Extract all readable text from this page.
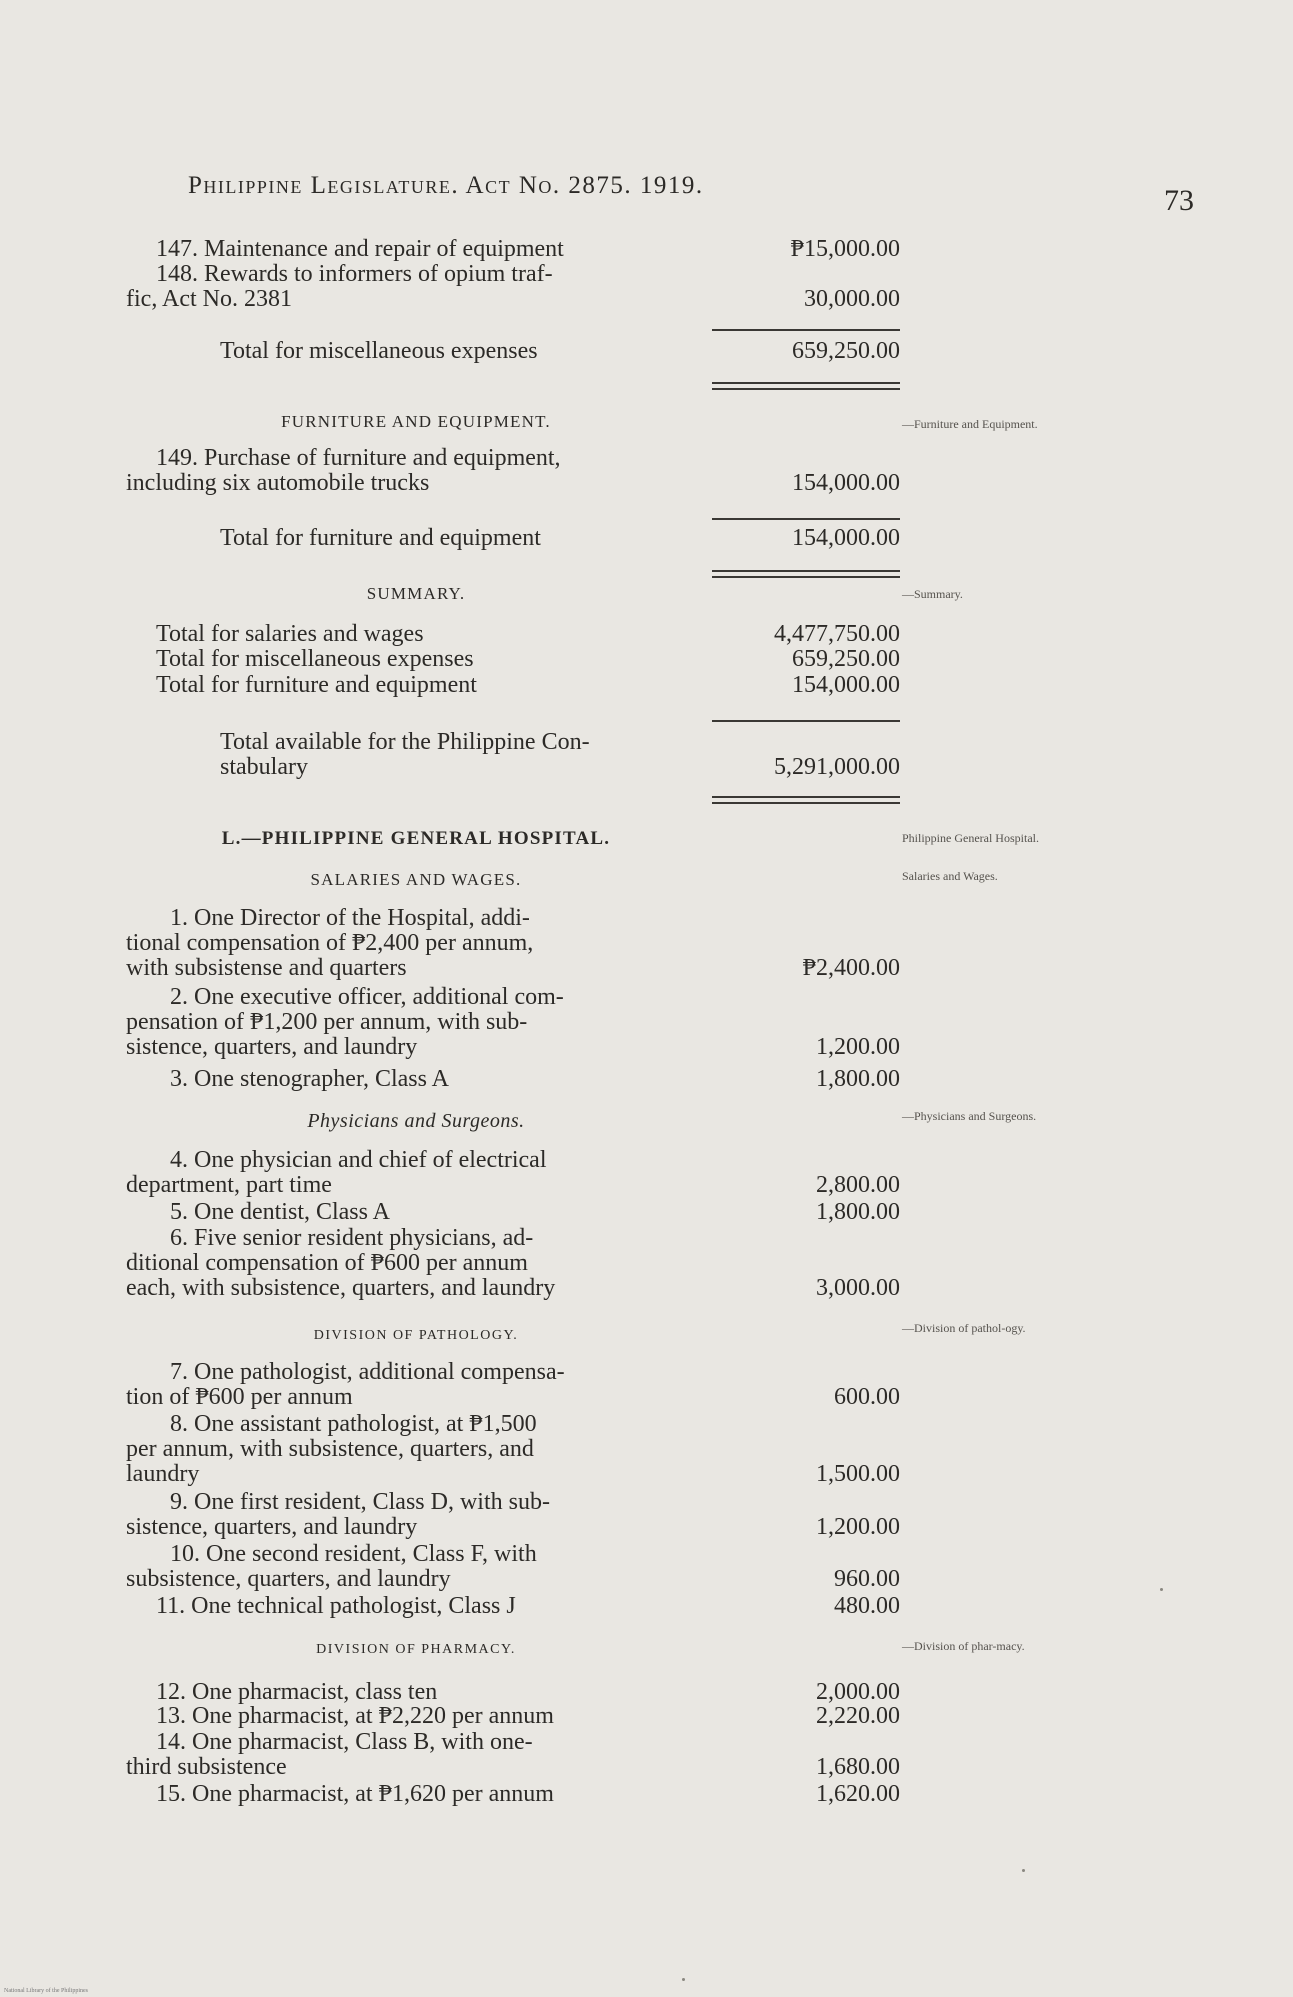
Philippine Legislature. Act No. 2875. 1919.	73
147. Maintenance and repair of equipment	₱15,000.00
148. Rewards to informers of opium traf-
fic, Act No. 2381	30,000.00
Total for miscellaneous expenses	659,250.00
FURNITURE AND EQUIPMENT.	—Furniture and Equipment.
149. Purchase of furniture and equipment,
including six automobile trucks	154,000.00
Total for furniture and equipment	154,000.00
SUMMARY.	—Summary.
Total for salaries and wages	4,477,750.00
Total for miscellaneous expenses	659,250.00
Total for furniture and equipment	154,000.00
Total available for the Philippine Con-
stabulary	5,291,000.00
L.—PHILIPPINE GENERAL HOSPITAL.	Philippine General Hospital.
SALARIES AND WAGES.	Salaries and Wages.
1. One Director of the Hospital, addi-
tional compensation of ₱2,400 per annum,
with subsistense and quarters	₱2,400.00
2. One executive officer, additional com-
pensation of ₱1,200 per annum, with sub-
sistence, quarters, and laundry	1,200.00
3. One stenographer, Class A	1,800.00
Physicians and Surgeons.	—Physicians and Surgeons.
4. One physician and chief of electrical
department, part time	2,800.00
5. One dentist, Class A	1,800.00
6. Five senior resident physicians, ad-
ditional compensation of ₱600 per annum
each, with subsistence, quarters, and laundry	3,000.00
DIVISION OF PATHOLOGY.	—Division of pathol-ogy.
7. One pathologist, additional compensa-
tion of ₱600 per annum	600.00
8. One assistant pathologist, at ₱1,500
per annum, with subsistence, quarters, and
laundry	1,500.00
9. One first resident, Class D, with sub-
sistence, quarters, and laundry	1,200.00
10. One second resident, Class F, with
subsistence, quarters, and laundry	960.00
11. One technical pathologist, Class J	480.00
DIVISION OF PHARMACY.	—Division of phar-macy.
12. One pharmacist, class ten	2,000.00
13. One pharmacist, at ₱2,220 per annum	2,220.00
14. One pharmacist, Class B, with one-
third subsistence	1,680.00
15. One pharmacist, at ₱1,620 per annum	1,620.00
National Library of the Philippines
